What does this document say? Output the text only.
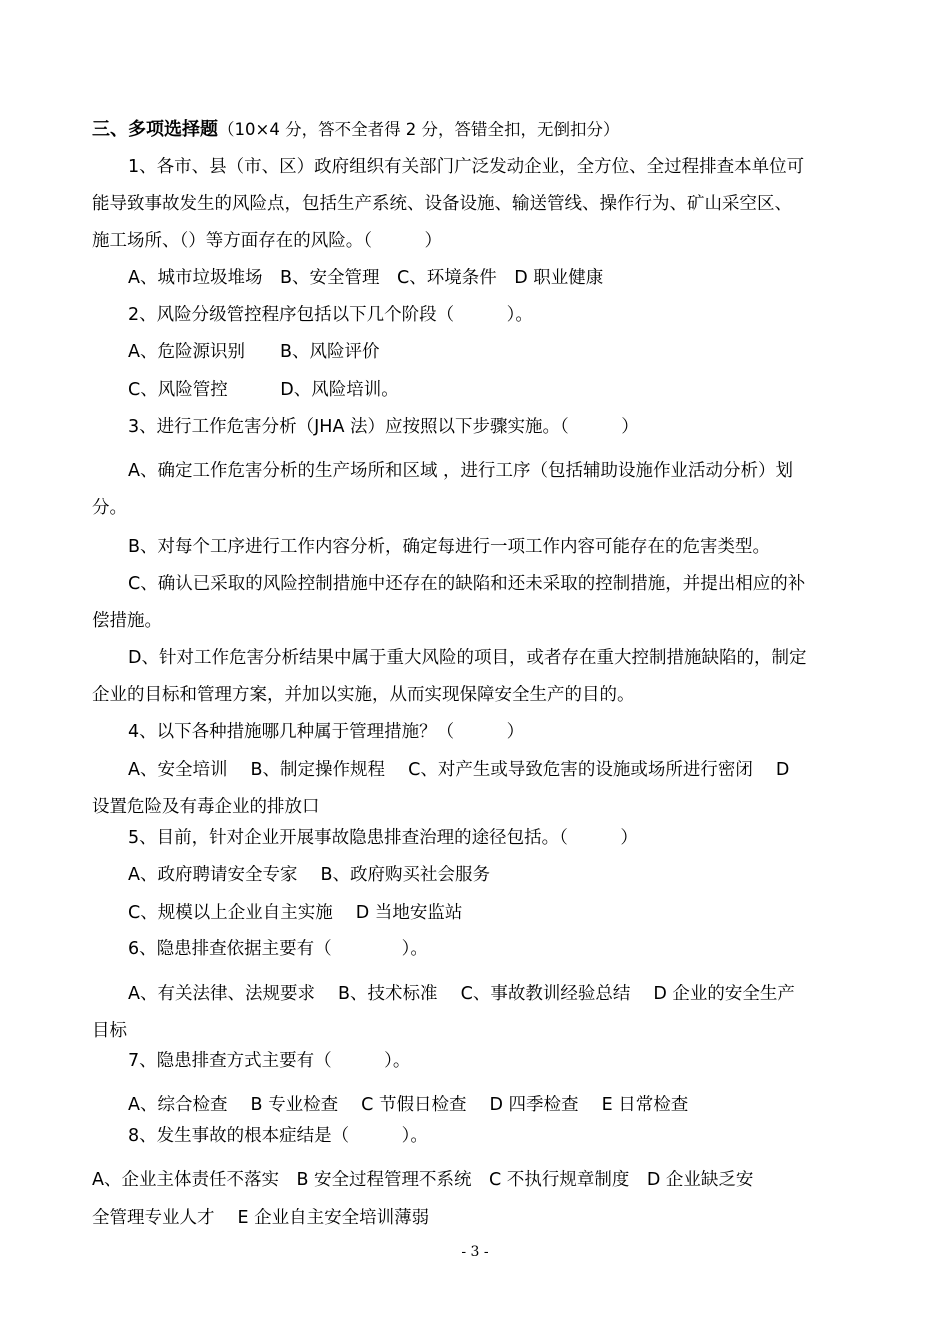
三、多项选择题（10×4 分，答不全者得 2 分，答错全扣，无倒扣分）
1、各市、县（市、区）政府组织有关部门广泛发动企业，全方位、全过程排查本单位可
能导致事故发生的风险点，包括生产系统、设备设施、输送管线、操作行为、矿山采空区、
施工场所、（）等方面存在的风险。（　　　）
A、城市垃圾堆场　B、安全管理　C、环境条件　D 职业健康
2、风险分级管控程序包括以下几个阶段（　　　）。
A、危险源识别　　B、风险评价
C、风险管控　　　D、风险培训。
3、进行工作危害分析（JHA 法）应按照以下步骤实施。（　　　）
A、确定工作危害分析的生产场所和区域 ，进行工序（包括辅助设施作业活动分析）划
分。
B、对每个工序进行工作内容分析，确定每进行一项工作内容可能存在的危害类型。
C、确认已采取的风险控制措施中还存在的缺陷和还未采取的控制措施，并提出相应的补
偿措施。
D、针对工作危害分析结果中属于重大风险的项目，或者存在重大控制措施缺陷的，制定
企业的目标和管理方案，并加以实施，从而实现保障安全生产的目的。
4、以下各种措施哪几种属于管理措施？（　　　）
A、安全培训　 B、制定操作规程　 C、对产生或导致危害的设施或场所进行密闭　 D
设置危险及有毒企业的排放口
5、目前，针对企业开展事故隐患排查治理的途径包括。（　　　）
A、政府聘请安全专家　 B、政府购买社会服务
C、规模以上企业自主实施　 D 当地安监站
6、隐患排查依据主要有（　　　　）。
A、有关法律、法规要求　 B、技术标准　 C、事故教训经验总结　 D 企业的安全生产
目标
7、隐患排查方式主要有（　　　）。
A、综合检查　 B 专业检查　 C 节假日检查　 D 四季检查　 E 日常检查
8、发生事故的根本症结是（　　　）。
A、企业主体责任不落实　B 安全过程管理不系统　C 不执行规章制度　D 企业缺乏安
全管理专业人才　 E 企业自主安全培训薄弱
- 3 -
